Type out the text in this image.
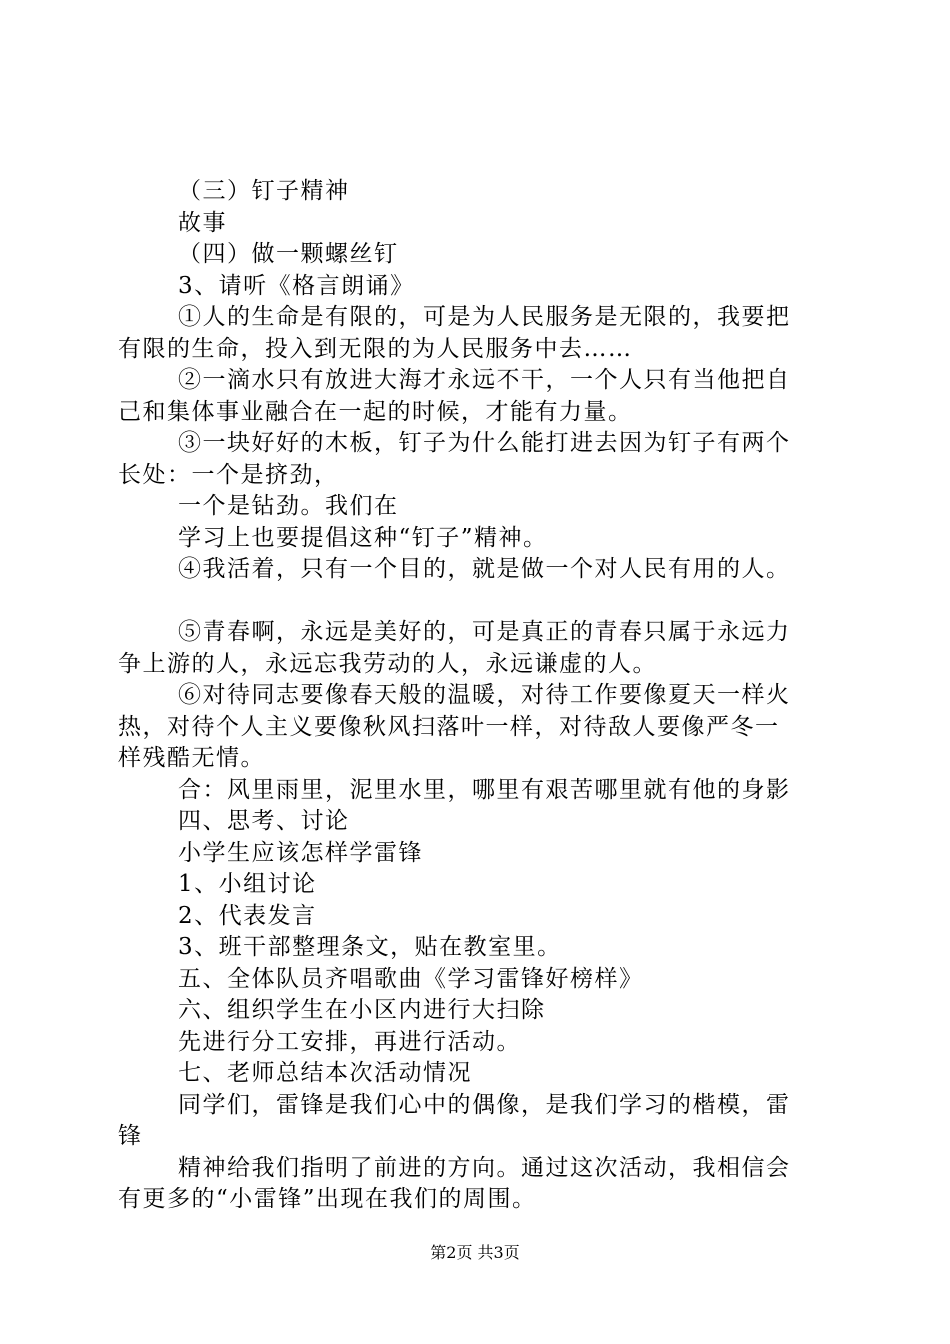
（三）钉子精神
故事
（四）做一颗螺丝钉
3、请听《格言朗诵》
①人的生命是有限的，可是为人民服务是无限的，我要把
有限的生命，投入到无限的为人民服务中去……
②一滴水只有放进大海才永远不干，一个人只有当他把自
己和集体事业融合在一起的时候，才能有力量。
③一块好好的木板，钉子为什么能打进去因为钉子有两个
长处：一个是挤劲，
一个是钻劲。我们在
学习上也要提倡这种“钉子”精神。
④我活着，只有一个目的，就是做一个对人民有用的人。
⑤青春啊，永远是美好的，可是真正的青春只属于永远力
争上游的人，永远忘我劳动的人，永远谦虚的人。
⑥对待同志要像春天般的温暖，对待工作要像夏天一样火
热，对待个人主义要像秋风扫落叶一样，对待敌人要像严冬一
样残酷无情。
合：风里雨里，泥里水里，哪里有艰苦哪里就有他的身影
四、思考、讨论
小学生应该怎样学雷锋
1、小组讨论
2、代表发言
3、班干部整理条文，贴在教室里。
五、全体队员齐唱歌曲《学习雷锋好榜样》
六、组织学生在小区内进行大扫除
先进行分工安排，再进行活动。
七、老师总结本次活动情况
同学们，雷锋是我们心中的偶像，是我们学习的楷模，雷
锋
精神给我们指明了前进的方向。通过这次活动，我相信会
有更多的“小雷锋”出现在我们的周围。
第2页 共3页
